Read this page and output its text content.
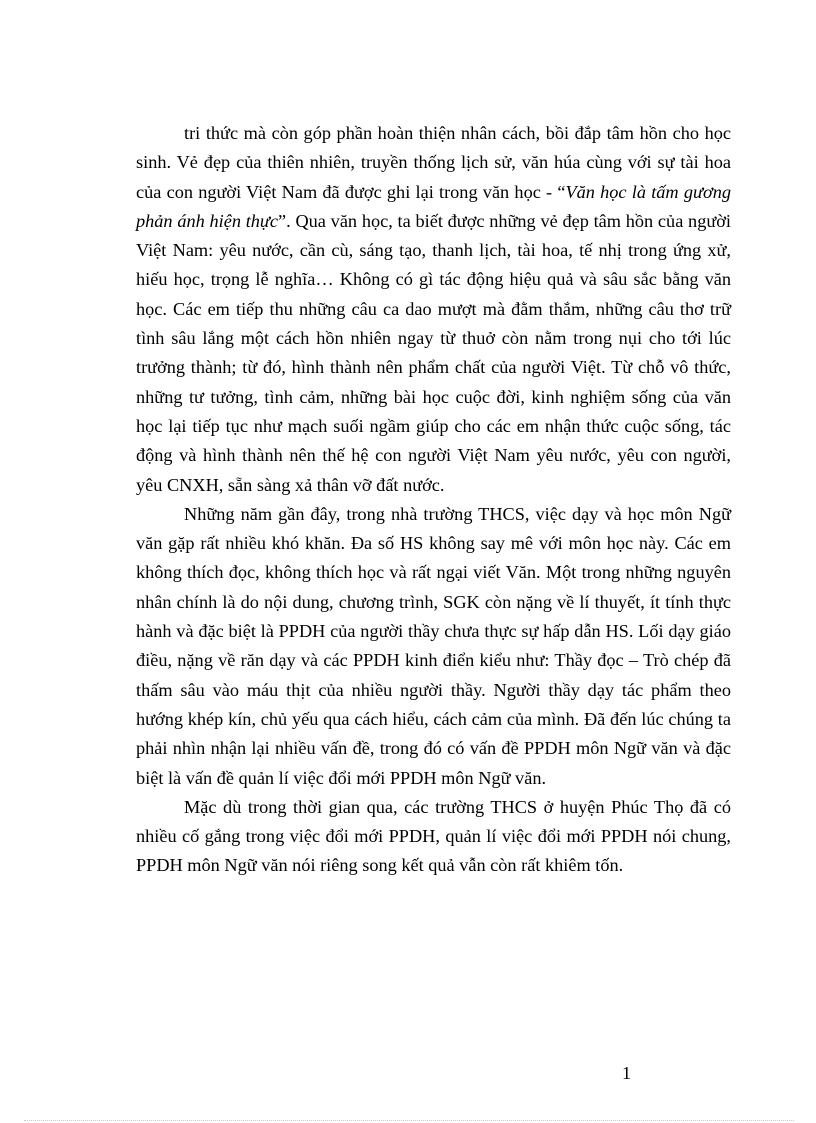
tri thức mà còn góp phần hoàn thiện nhân cách, bồi đắp tâm hồn cho học sinh. Vẻ đẹp của thiên nhiên, truyền thống lịch sử, văn húa cùng với sự tài hoa của con người Việt Nam đã được ghi lại trong văn học - “Văn học là tấm gương phản ánh hiện thực”. Qua văn học, ta biết được những vẻ đẹp tâm hồn của người Việt Nam: yêu nước, cần cù, sáng tạo, thanh lịch, tài hoa, tế nhị trong ứng xử, hiếu học, trọng lễ nghĩa… Không có gì tác động hiệu quả và sâu sắc bằng văn học. Các em tiếp thu những câu ca dao mượt mà đằm thắm, những câu thơ trữ tình sâu lắng một cách hồn nhiên ngay từ thuở còn nằm trong nụi cho tới lúc trưởng thành; từ đó, hình thành nên phẩm chất của người Việt. Từ chỗ vô thức, những tư tưởng, tình cảm, những bài học cuộc đời, kinh nghiệm sống của văn học lại tiếp tục như mạch suối ngầm giúp cho các em nhận thức cuộc sống, tác động và hình thành nên thế hệ con người Việt Nam yêu nước, yêu con người, yêu CNXH, sẵn sàng xả thân vỡ đất nước.

Những năm gần đây, trong nhà trường THCS, việc dạy và học môn Ngữ văn gặp rất nhiều khó khăn. Đa số HS không say mê với môn học này. Các em không thích đọc, không thích học và rất ngại viết Văn. Một trong những nguyên nhân chính là do nội dung, chương trình, SGK còn nặng về lí thuyết, ít tính thực hành và đặc biệt là PPDH của người thầy chưa thực sự hấp dẫn HS. Lối dạy giáo điều, nặng về răn dạy và các PPDH kinh điển kiểu như: Thầy đọc – Trò chép đã thấm sâu vào máu thịt của nhiều người thầy. Người thầy dạy tác phẩm theo hướng khép kín, chủ yếu qua cách hiểu, cách cảm của mình. Đã đến lúc chúng ta phải nhìn nhận lại nhiều vấn đề, trong đó có vấn đề PPDH môn Ngữ văn và đặc biệt là vấn đề quản lí việc đổi mới PPDH môn Ngữ văn.

Mặc dù trong thời gian qua, các trường THCS ở huyện Phúc Thọ đã có nhiều cố gắng trong việc đổi mới PPDH, quản lí việc đổi mới PPDH nói chung, PPDH môn Ngữ văn nói riêng song kết quả vẫn còn rất khiêm tốn.

1
